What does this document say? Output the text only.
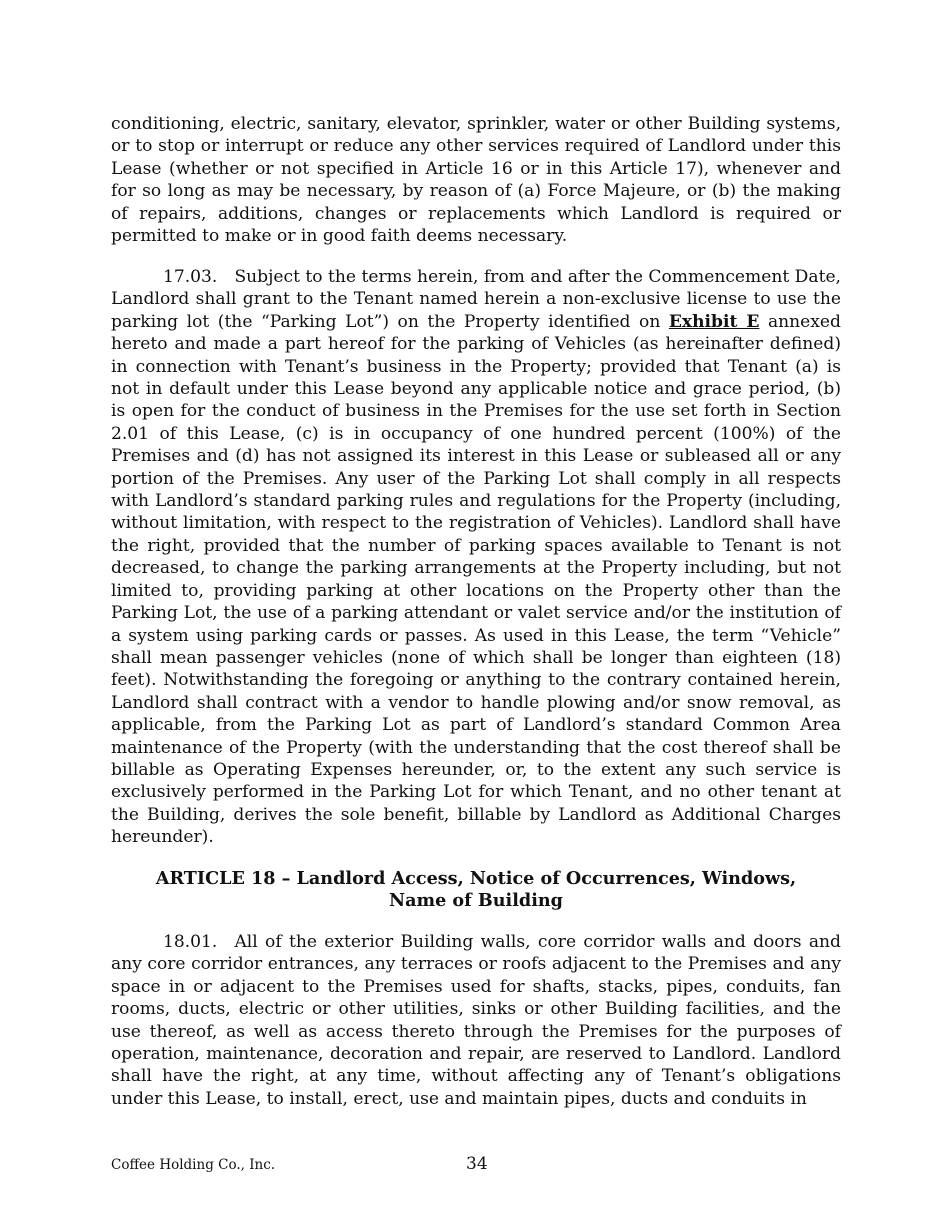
conditioning, electric, sanitary, elevator, sprinkler, water or other Building systems, or to stop or interrupt or reduce any other services required of Landlord under this Lease (whether or not specified in Article 16 or in this Article 17), whenever and for so long as may be necessary, by reason of (a) Force Majeure, or (b) the making of repairs, additions, changes or replacements which Landlord is required or permitted to make or in good faith deems necessary.

17.03. Subject to the terms herein, from and after the Commencement Date, Landlord shall grant to the Tenant named herein a non-exclusive license to use the parking lot (the “Parking Lot”) on the Property identified on Exhibit E annexed hereto and made a part hereof for the parking of Vehicles (as hereinafter defined) in connection with Tenant’s business in the Property; provided that Tenant (a) is not in default under this Lease beyond any applicable notice and grace period, (b) is open for the conduct of business in the Premises for the use set forth in Section 2.01 of this Lease, (c) is in occupancy of one hundred percent (100%) of the Premises and (d) has not assigned its interest in this Lease or subleased all or any portion of the Premises. Any user of the Parking Lot shall comply in all respects with Landlord’s standard parking rules and regulations for the Property (including, without limitation, with respect to the registration of Vehicles). Landlord shall have the right, provided that the number of parking spaces available to Tenant is not decreased, to change the parking arrangements at the Property including, but not limited to, providing parking at other locations on the Property other than the Parking Lot, the use of a parking attendant or valet service and/or the institution of a system using parking cards or passes. As used in this Lease, the term “Vehicle” shall mean passenger vehicles (none of which shall be longer than eighteen (18) feet). Notwithstanding the foregoing or anything to the contrary contained herein, Landlord shall contract with a vendor to handle plowing and/or snow removal, as applicable, from the Parking Lot as part of Landlord’s standard Common Area maintenance of the Property (with the understanding that the cost thereof shall be billable as Operating Expenses hereunder, or, to the extent any such service is exclusively performed in the Parking Lot for which Tenant, and no other tenant at the Building, derives the sole benefit, billable by Landlord as Additional Charges hereunder).

ARTICLE 18 – Landlord Access, Notice of Occurrences, Windows,
Name of Building

18.01. All of the exterior Building walls, core corridor walls and doors and any core corridor entrances, any terraces or roofs adjacent to the Premises and any space in or adjacent to the Premises used for shafts, stacks, pipes, conduits, fan rooms, ducts, electric or other utilities, sinks or other Building facilities, and the use thereof, as well as access thereto through the Premises for the purposes of operation, maintenance, decoration and repair, are reserved to Landlord. Landlord shall have the right, at any time, without affecting any of Tenant’s obligations under this Lease, to install, erect, use and maintain pipes, ducts and conduits in

Coffee Holding Co., Inc.	34
